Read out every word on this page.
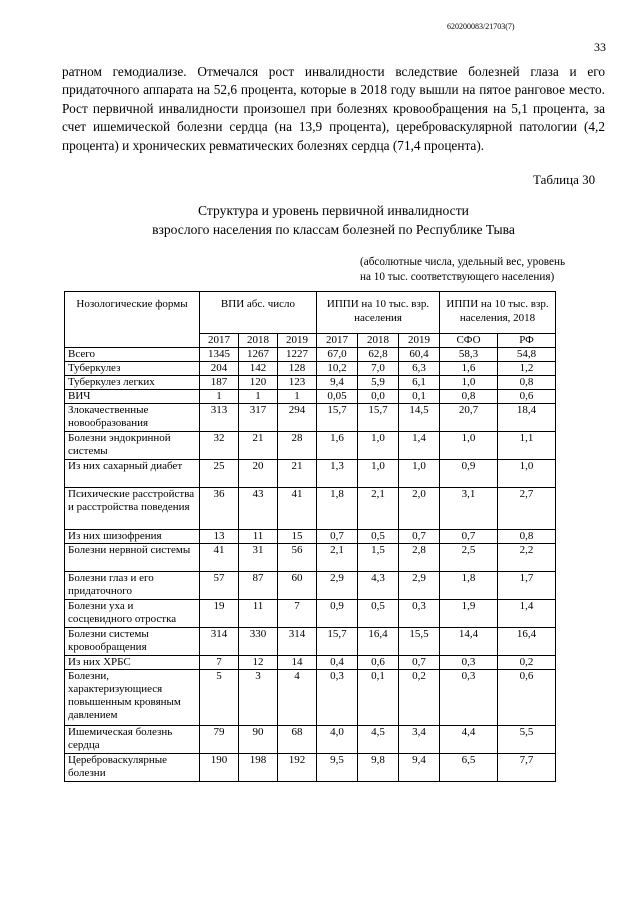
620200083/21703(7)
33
ратном гемодиализе. Отмечался рост инвалидности вследствие болезней глаза и его придаточного аппарата на 52,6 процента, которые в 2018 году вышли на пятое ранговое место. Рост первичной инвалидности произошел при болезнях кровообращения на 5,1 процента, за счет ишемической болезни сердца (на 13,9 процента), цереброваскулярной патологии (4,2 процента) и хронических ревматических болезнях сердца (71,4 процента).
Таблица 30
Структура и уровень первичной инвалидности
взрослого населения по классам болезней по Республике Тыва
(абсолютные числа, удельный вес, уровень
на 10 тыс. соответствующего населения)
Нозологические формы	ВПИ абс. число			ИППИ на 10 тыс. взр. населения			ИППИ на 10 тыс. взр. населения, 2018	
	2017	2018	2019	2017	2018	2019	СФО	РФ
Всего	1345	1267	1227	67,0	62,8	60,4	58,3	54,8
Туберкулез	204	142	128	10,2	7,0	6,3	1,6	1,2
Туберкулез легких	187	120	123	9,4	5,9	6,1	1,0	0,8
ВИЧ	1	1	1	0,05	0,0	0,1	0,8	0,6
Злокачественные новообразования	313	317	294	15,7	15,7	14,5	20,7	18,4
Болезни эндокринной системы	32	21	28	1,6	1,0	1,4	1,0	1,1
Из них сахарный диабет	25	20	21	1,3	1,0	1,0	0,9	1,0
Психические расстройства и расстройства поведения	36	43	41	1,8	2,1	2,0	3,1	2,7
Из них шизофрения	13	11	15	0,7	0,5	0,7	0,7	0,8
Болезни нервной системы	41	31	56	2,1	1,5	2,8	2,5	2,2
Болезни глаз и его придаточного	57	87	60	2,9	4,3	2,9	1,8	1,7
Болезни уха и сосцевидного отростка	19	11	7	0,9	0,5	0,3	1,9	1,4
Болезни системы кровообращения	314	330	314	15,7	16,4	15,5	14,4	16,4
Из них ХРБС	7	12	14	0,4	0,6	0,7	0,3	0,2
Болезни, характеризующиеся повышенным кровяным давлением	5	3	4	0,3	0,1	0,2	0,3	0,6
Ишемическая болезнь сердца	79	90	68	4,0	4,5	3,4	4,4	5,5
Цереброваскулярные болезни	190	198	192	9,5	9,8	9,4	6,5	7,7
